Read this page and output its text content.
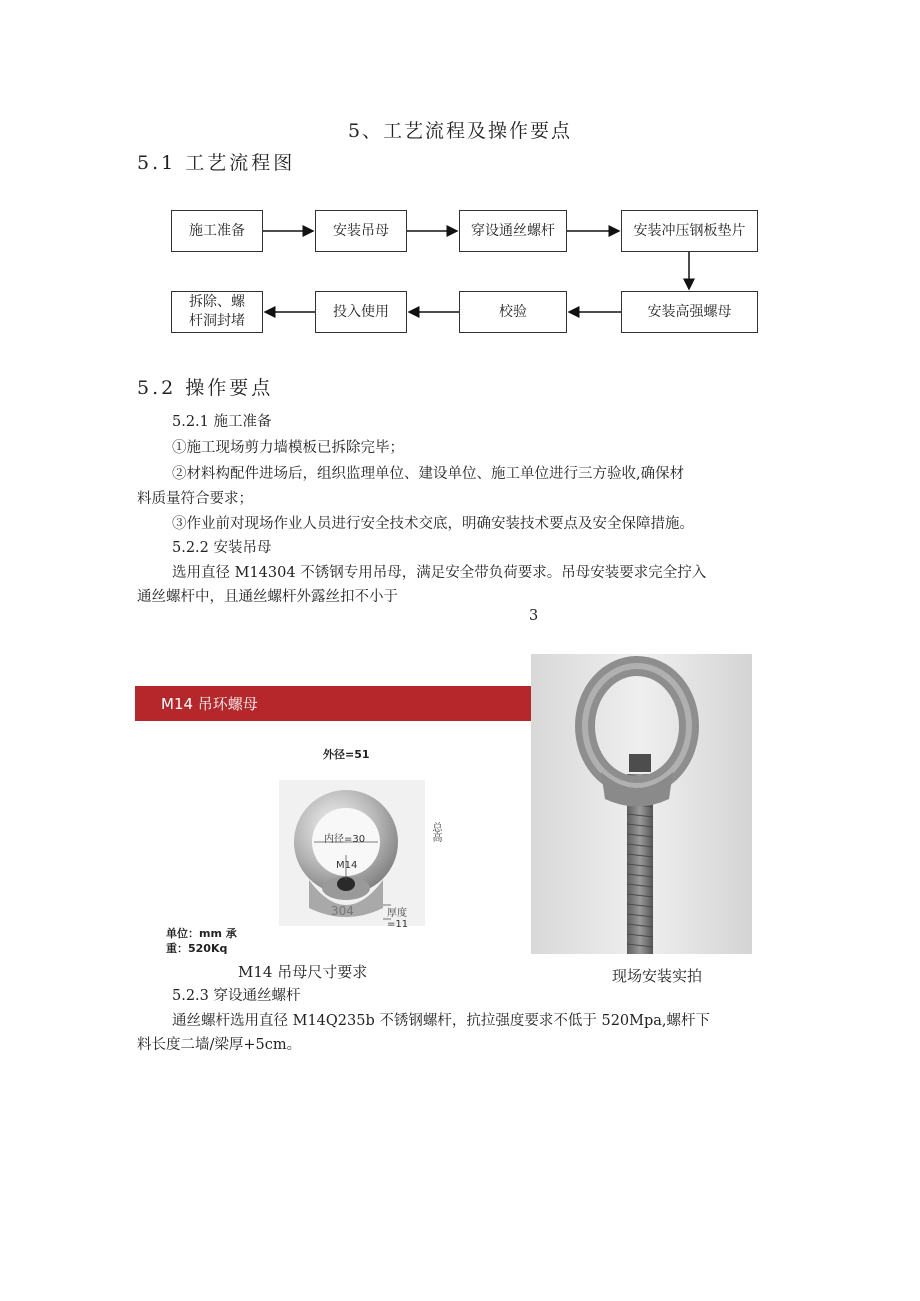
5、工艺流程及操作要点
5.1 工艺流程图
施工准备	安装吊母	穿设通丝螺杆	安装冲压钢板垫片
拆除、螺杆洞封堵
投入使用	校验	安装高强螺母
5.2 操作要点
5.2.1 施工准备
①施工现场剪力墙模板已拆除完毕；
②材料构配件进场后，组织监理单位、建设单位、施工单位进行三方验收,确保材
料质量符合要求；
③作业前对现场作业人员进行安全技术交底，明确安装技术要点及安全保障措施。
5.2.2 安装吊母
选用直径 M14304 不锈钢专用吊母，满足安全带负荷要求。吊母安装要求完全拧入
通丝螺杆中，且通丝螺杆外露丝扣不小于
3
M14 吊环螺母
外径=51
内径=30
M14
304	厚度=11
总高
单位：mm 承
重：520Kq
M14 吊母尺寸要求	现场安装实拍
5.2.3 穿设通丝螺杆
通丝螺杆选用直径 M14Q235b 不锈钢螺杆，抗拉强度要求不低于 520Mpa,螺杆下
料长度二墙/梁厚+5cm。
